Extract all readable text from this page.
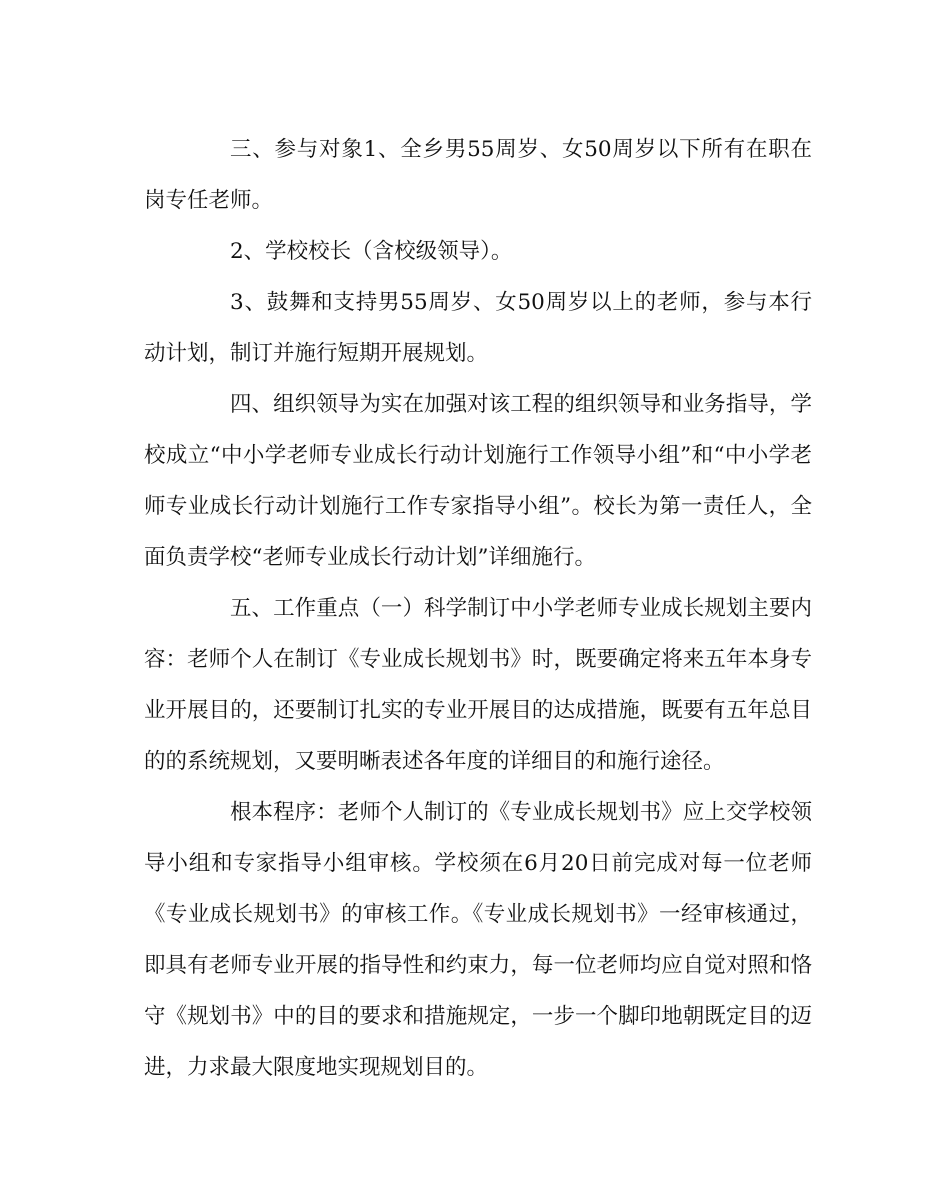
三、参与对象1、全乡男55周岁、女50周岁以下所有在职在岗专任老师。

2、学校校长（含校级领导）。

3、鼓舞和支持男55周岁、女50周岁以上的老师，参与本行动计划，制订并施行短期开展规划。

四、组织领导为实在加强对该工程的组织领导和业务指导，学校成立“中小学老师专业成长行动计划施行工作领导小组”和“中小学老师专业成长行动计划施行工作专家指导小组”。校长为第一责任人，全面负责学校“老师专业成长行动计划”详细施行。

五、工作重点（一）科学制订中小学老师专业成长规划主要内容：老师个人在制订《专业成长规划书》时，既要确定将来五年本身专业开展目的，还要制订扎实的专业开展目的达成措施，既要有五年总目的的系统规划，又要明晰表述各年度的详细目的和施行途径。

根本程序：老师个人制订的《专业成长规划书》应上交学校领导小组和专家指导小组审核。学校须在6月20日前完成对每一位老师《专业成长规划书》的审核工作。《专业成长规划书》一经审核通过，即具有老师专业开展的指导性和约束力，每一位老师均应自觉对照和恪守《规划书》中的目的要求和措施规定，一步一个脚印地朝既定目的迈进，力求最大限度地实现规划目的。
